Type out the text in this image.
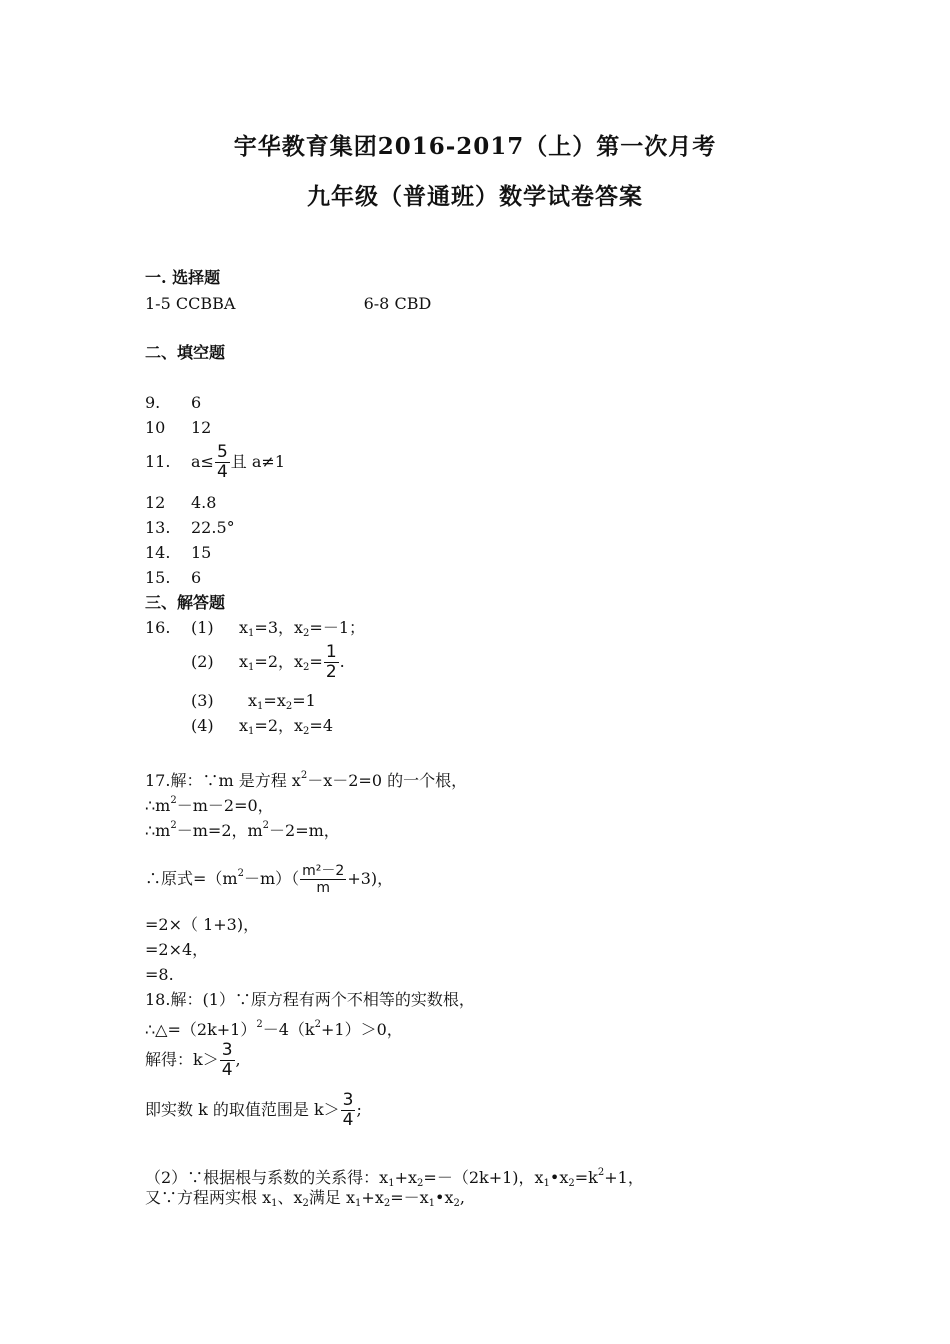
宇华教育集团2016-2017（上）第一次月考
九年级（普通班）数学试卷答案
一. 选择题
1-5 CCBBA	6-8 CBD
二、填空题
9. 6
10 12
11. $a\le \frac{5}{4}$ 且 a≠1
12 4.8
13. 22.5°
14. 15
15. 6
三、解答题
16. (1) $x_1=3$，$x_2=-1$；
(2) $x_1=2$，$x_2= \frac{1}{2}$ .
(3) $x_1=x_2=1$
(4) $x_1=2$，$x_2=4$
17.解：∵m 是方程 $x^2-x-2=0$ 的一个根，
$\therefore m^2-m-2=0$，
$\therefore m^2-m=2$，$m^2-2=m$，
∴原式$=(m^2-m)( \frac{\text{m²－2}}{m} +3)$，
=2×（ 1+3)，
=2×4，
=8.
18.解：(1）∵原方程有两个不相等的实数根，
$\therefore\triangle=(2k+1)^2-4(k^2+1)>0$，
解得：$k> \frac{3}{4}$ ,
即实数 k 的取值范围是 $k> \frac{3}{4}$ ;
（2）∵根据根与系数的关系得：$x_1+x_2=-(2k+1)$，$x_1•x_2=k^2+1$，
又∵方程两实根 $x_1$、$x_2$满足 $x_1+x_2=-x_1•x_2$,
